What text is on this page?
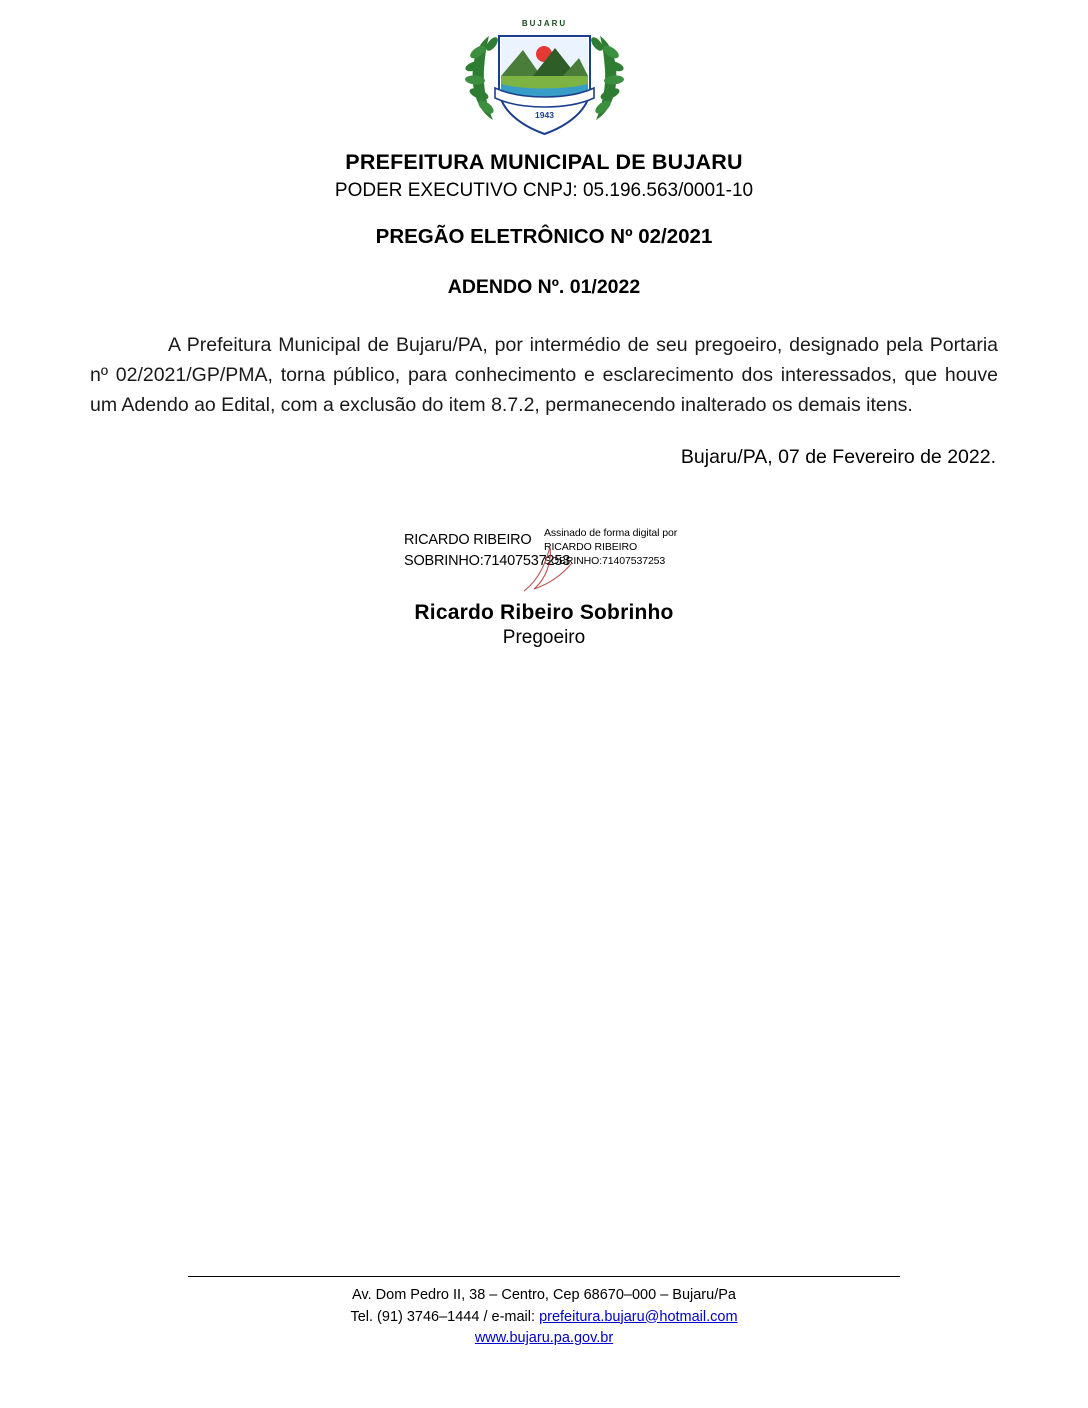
BUJARU
1943
PREFEITURA MUNICIPAL DE BUJARU
PODER EXECUTIVO CNPJ: 05.196.563/0001-10
PREGÃO ELETRÔNICO Nº 02/2021
ADENDO Nº. 01/2022

A Prefeitura Municipal de Bujaru/PA, por intermédio de seu pregoeiro, designado pela Portaria nº 02/2021/GP/PMA, torna público, para conhecimento e esclarecimento dos interessados, que houve um Adendo ao Edital, com a exclusão do item 8.7.2, permanecendo inalterado os demais itens.

Bujaru/PA, 07 de Fevereiro de 2022.
RICARDO RIBEIRO SOBRINHO:71407537253
Assinado de forma digital por RICARDO RIBEIRO SOBRINHO:71407537253
Ricardo Ribeiro Sobrinho
Pregoeiro
Av. Dom Pedro II, 38 – Centro, Cep 68670–000 – Bujaru/Pa
Tel. (91) 3746–1444 / e-mail: prefeitura.bujaru@hotmail.com
www.bujaru.pa.gov.br
